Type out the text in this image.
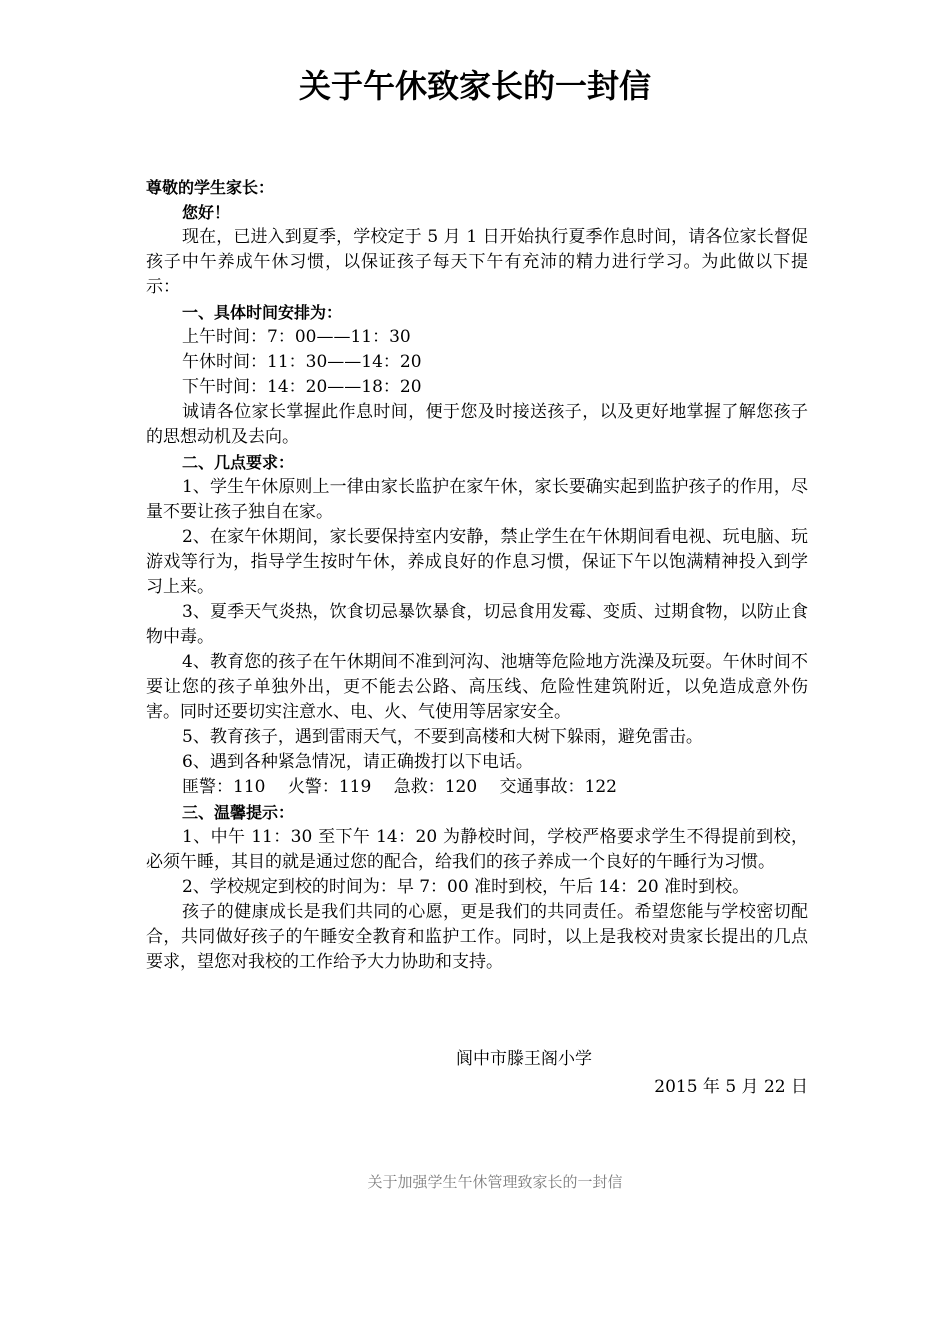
关于午休致家长的一封信

尊敬的学生家长：

您好！

现在，已进入到夏季，学校定于 5 月 1 日开始执行夏季作息时间，请各位家长督促孩子中午养成午休习惯，以保证孩子每天下午有充沛的精力进行学习。为此做以下提示：

一、具体时间安排为：

上午时间：7：00——11：30

午休时间：11：30——14：20

下午时间：14：20——18：20

诚请各位家长掌握此作息时间，便于您及时接送孩子，以及更好地掌握了解您孩子的思想动机及去向。

二、几点要求：

1、学生午休原则上一律由家长监护在家午休，家长要确实起到监护孩子的作用，尽量不要让孩子独自在家。

2、在家午休期间，家长要保持室内安静，禁止学生在午休期间看电视、玩电脑、玩游戏等行为，指导学生按时午休，养成良好的作息习惯，保证下午以饱满精神投入到学习上来。

3、夏季天气炎热，饮食切忌暴饮暴食，切忌食用发霉、变质、过期食物，以防止食物中毒。

4、教育您的孩子在午休期间不准到河沟、池塘等危险地方洗澡及玩耍。午休时间不要让您的孩子单独外出，更不能去公路、高压线、危险性建筑附近，以免造成意外伤害。同时还要切实注意水、电、火、气使用等居家安全。

5、教育孩子，遇到雷雨天气，不要到高楼和大树下躲雨，避免雷击。

6、遇到各种紧急情况，请正确拨打以下电话。

匪警：110　 火警：119　 急救：120　 交通事故：122

三、温馨提示：

1、中午 11：30 至下午 14：20 为静校时间，学校严格要求学生不得提前到校，必须午睡，其目的就是通过您的配合，给我们的孩子养成一个良好的午睡行为习惯。

2、学校规定到校的时间为：早 7：00 准时到校，午后 14：20 准时到校。

孩子的健康成长是我们共同的心愿，更是我们的共同责任。希望您能与学校密切配合，共同做好孩子的午睡安全教育和监护工作。同时，以上是我校对贵家长提出的几点要求，望您对我校的工作给予大力协助和支持。

阆中市滕王阁小学
2015 年 5 月 22 日
关于加强学生午休管理致家长的一封信
